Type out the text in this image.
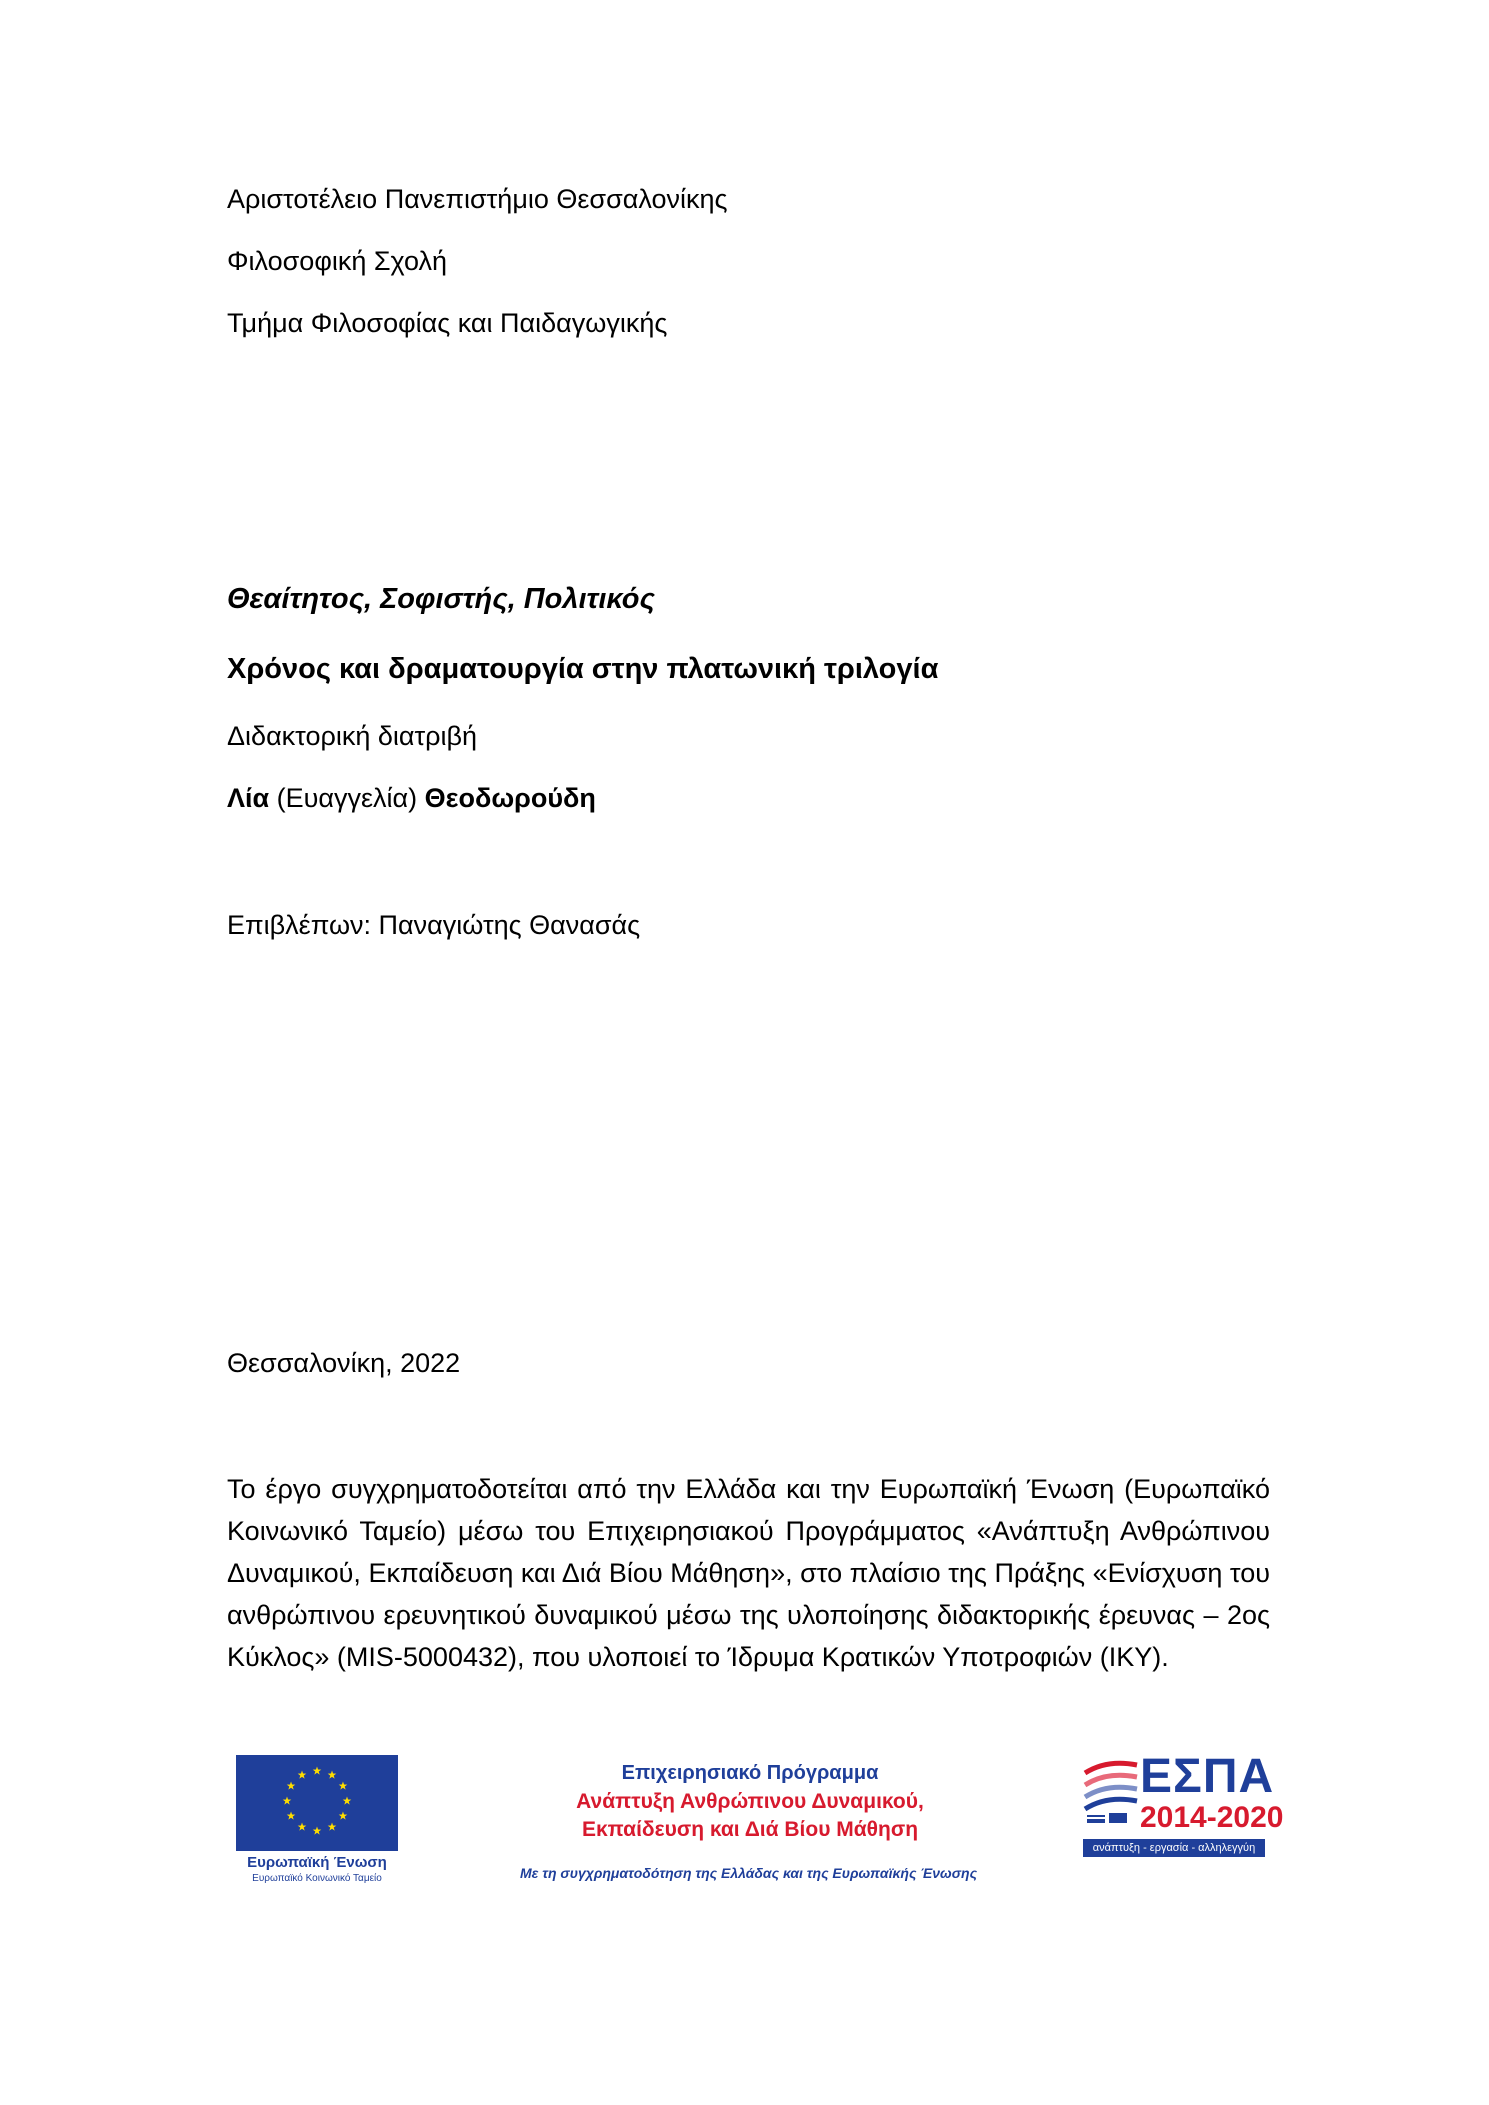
Αριστοτέλειο Πανεπιστήμιο Θεσσαλονίκης
Φιλοσοφική Σχολή
Τμήμα Φιλοσοφίας και Παιδαγωγικής
Θεαίτητος, Σοφιστής, Πολιτικός
Χρόνος και δραματουργία στην πλατωνική τριλογία
Διδακτορική διατριβή
Λία (Ευαγγελία) Θεοδωρούδη
Επιβλέπων: Παναγιώτης Θανασάς
Θεσσαλονίκη, 2022
Το έργο συγχρηματοδοτείται από την Ελλάδα και την Ευρωπαϊκή Ένωση (Ευρωπαϊκό Κοινωνικό Ταμείο) μέσω του Επιχειρησιακού Προγράμματος «Ανάπτυξη Ανθρώπινου Δυναμικού, Εκπαίδευση και Διά Βίου Μάθηση», στο πλαίσιο της Πράξης «Ενίσχυση του ανθρώπινου ερευνητικού δυναμικού μέσω της υλοποίησης διδακτορικής έρευνας – 2ος Κύκλος» (MIS-5000432), που υλοποιεί το Ίδρυμα Κρατικών Υποτροφιών (ΙΚΥ).
Ευρωπαϊκή Ένωση
Ευρωπαϊκό Κοινωνικό Ταμείο
Επιχειρησιακό Πρόγραμμα
Ανάπτυξη Ανθρώπινου Δυναμικού,
Εκπαίδευση και Διά Βίου Μάθηση
Με τη συγχρηματοδότηση της Ελλάδας και της Ευρωπαϊκής Ένωσης
ΕΣΠΑ
2014-2020
ανάπτυξη - εργασία - αλληλεγγύη
